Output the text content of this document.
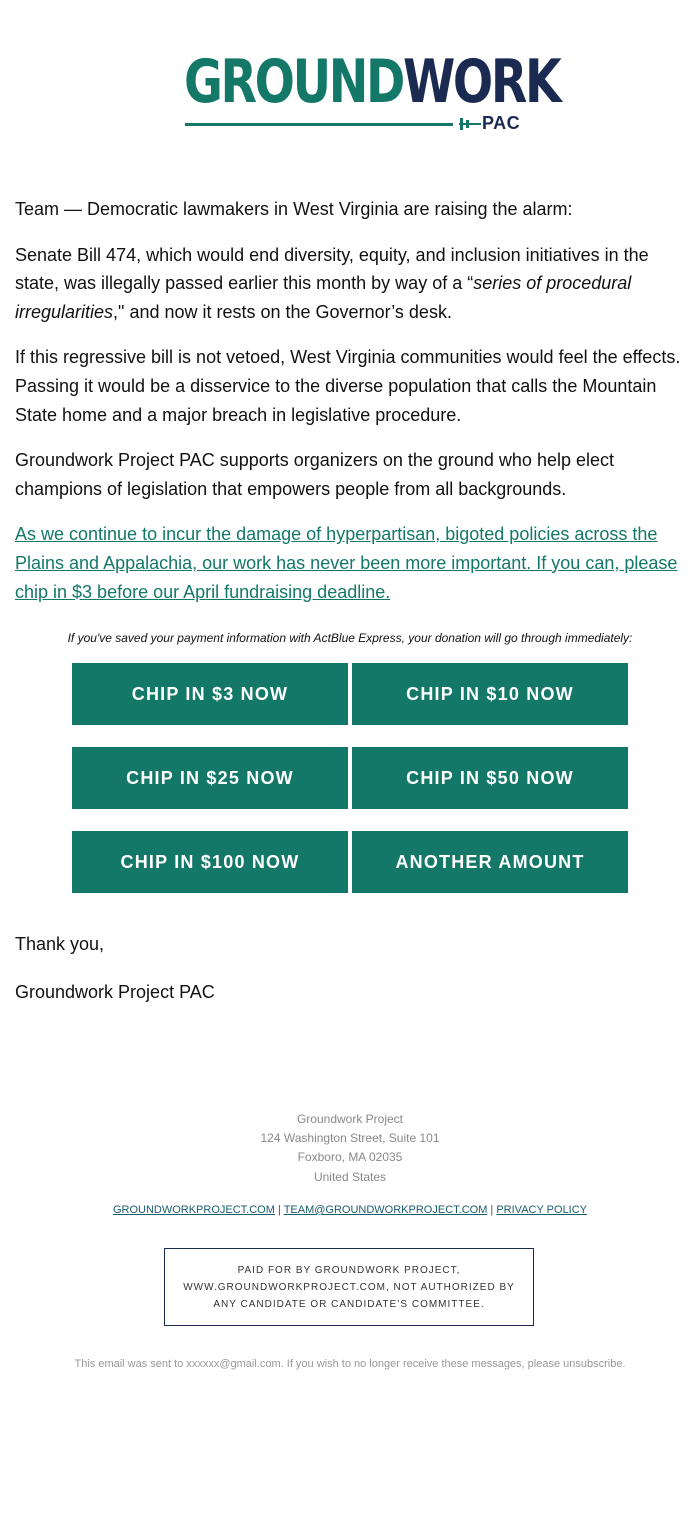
GROUNDWORK
PAC

Team — Democratic lawmakers in West Virginia are raising the alarm:

Senate Bill 474, which would end diversity, equity, and inclusion initiatives in the state, was illegally passed earlier this month by way of a “series of procedural irregularities," and now it rests on the Governor’s desk.

If this regressive bill is not vetoed, West Virginia communities would feel the effects. Passing it would be a disservice to the diverse population that calls the Mountain State home and a major breach in legislative procedure.

Groundwork Project PAC supports organizers on the ground who help elect champions of legislation that empowers people from all backgrounds.

As we continue to incur the damage of hyperpartisan, bigoted policies across the Plains and Appalachia, our work has never been more important. If you can, please chip in $3 before our April fundraising deadline.

If you've saved your payment information with ActBlue Express, your donation will go through immediately:
CHIP IN $3 NOW	CHIP IN $10 NOW
CHIP IN $25 NOW	CHIP IN $50 NOW
CHIP IN $100 NOW	ANOTHER AMOUNT
Thank you,
Groundwork Project PAC
Groundwork Project
124 Washington Street, Suite 101
Foxboro, MA 02035
United States
GROUNDWORKPROJECT.COM | TEAM@GROUNDWORKPROJECT.COM | PRIVACY POLICY
PAID FOR BY GROUNDWORK PROJECT, WWW.GROUNDWORKPROJECT.COM, NOT AUTHORIZED BY ANY CANDIDATE OR CANDIDATE’S COMMITTEE.
This email was sent to xxxxxx@gmail.com. If you wish to no longer receive these messages, please unsubscribe.
